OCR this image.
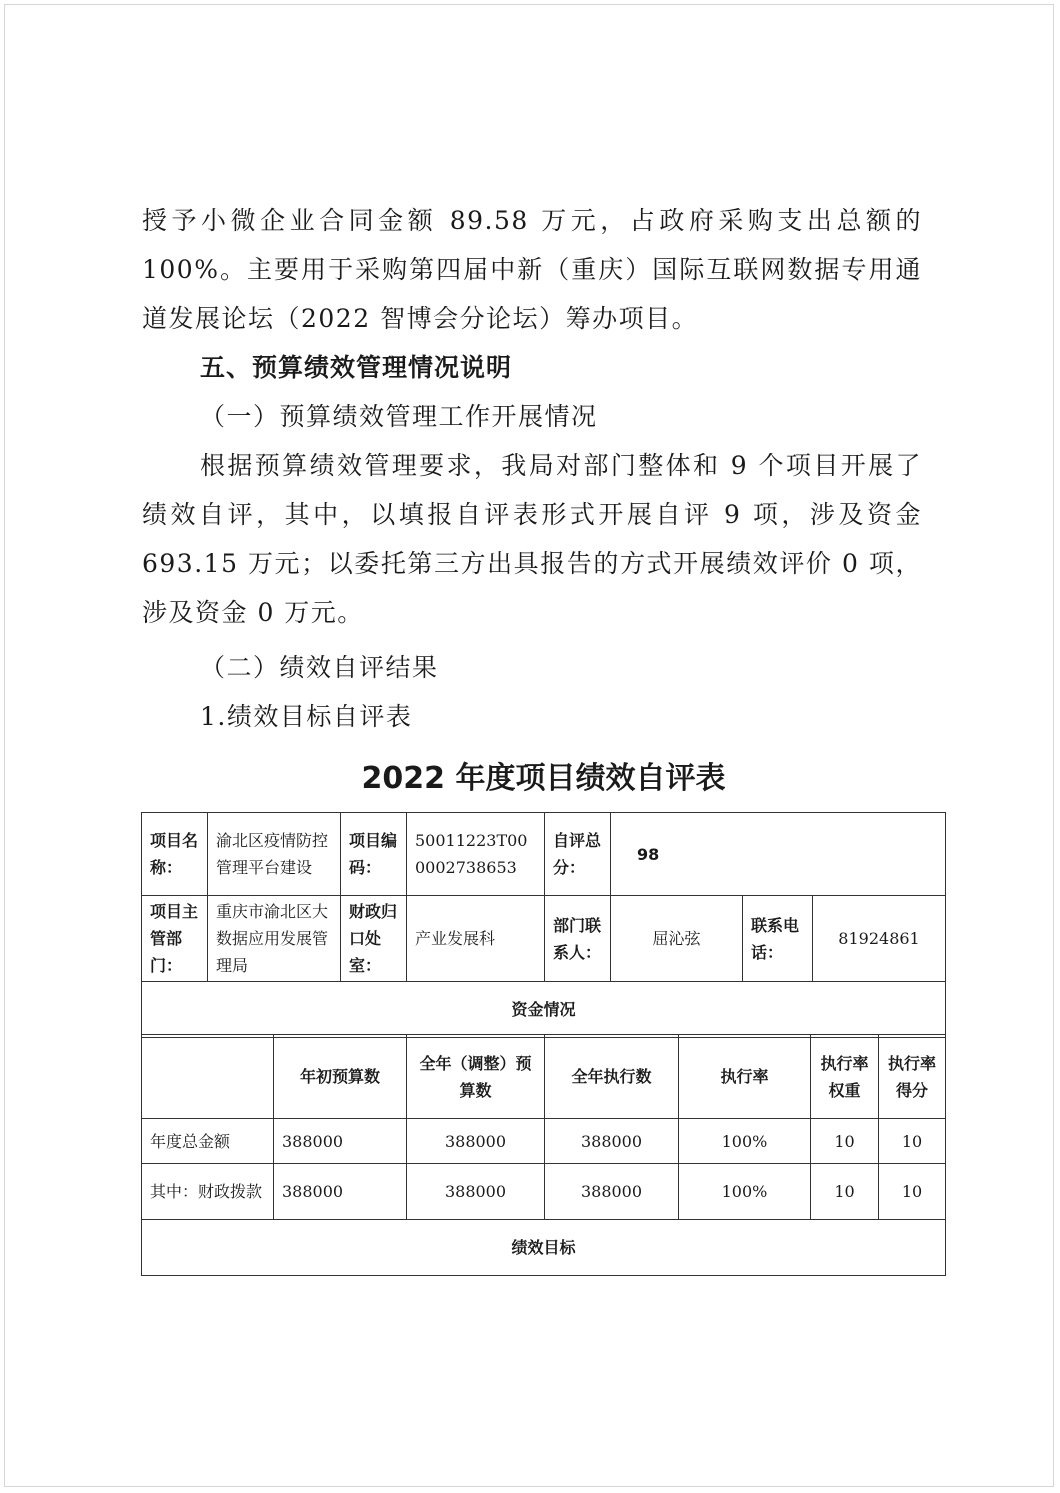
授予小微企业合同金额 89.58 万元，占政府采购支出总额的100%。主要用于采购第四届中新（重庆）国际互联网数据专用通道发展论坛（2022 智博会分论坛）筹办项目。

五、预算绩效管理情况说明

（一）预算绩效管理工作开展情况

根据预算绩效管理要求，我局对部门整体和 9 个项目开展了绩效自评，其中，以填报自评表形式开展自评 9 项，涉及资金693.15 万元；以委托第三方出具报告的方式开展绩效评价 0 项，涉及资金 0 万元。

（二）绩效自评结果

1.绩效目标自评表

2022 年度项目绩效自评表
项目名称：	渝北区疫情防控管理平台建设	项目编码：	50011223T000002738653	自评总分：	98		
项目主管部门：	重庆市渝北区大数据应用发展管理局	财政归口处室：	产业发展科	部门联系人：	屈沁弦	联系电话：	81924861
资金情况							
	年初预算数	全年（调整）预算数	全年执行数	执行率	执行率权重	执行率得分
年度总金额	388000	388000	388000	100%	10	10
其中：财政拨款	388000	388000	388000	100%	10	10
绩效目标						
